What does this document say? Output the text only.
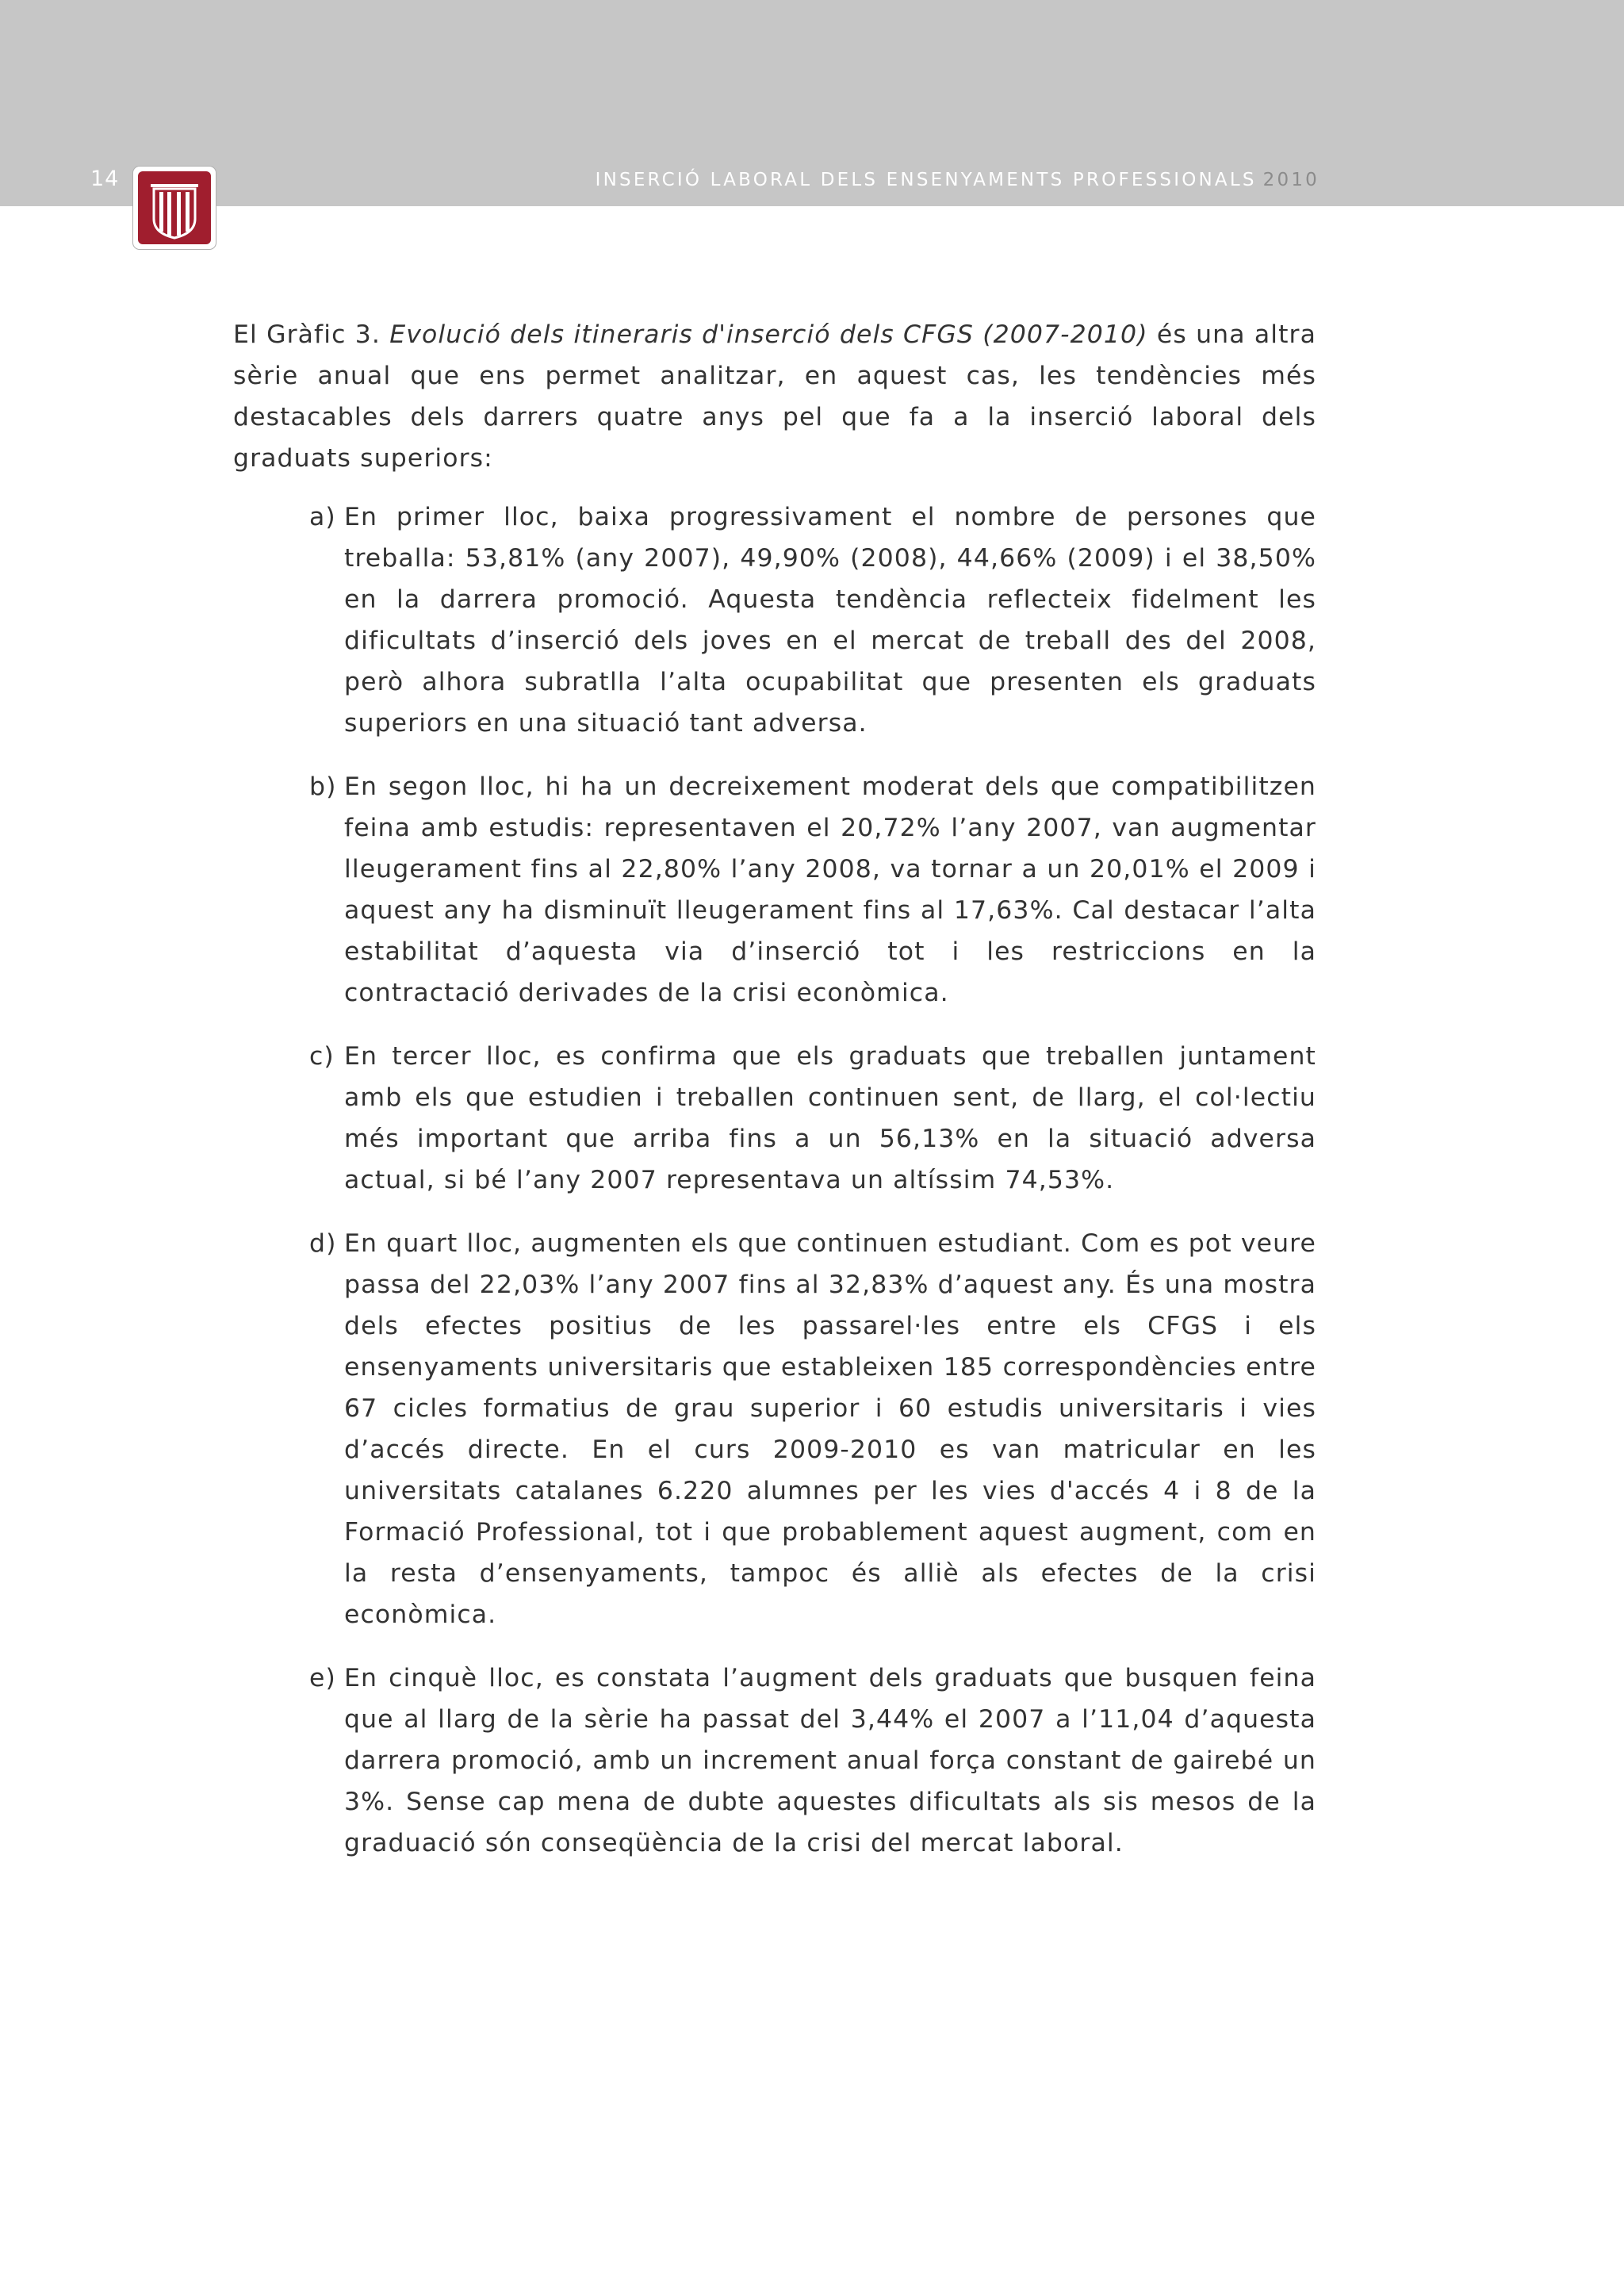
14	INSERCIÓ LABORAL DELS ENSENYAMENTS PROFESSIONALS 2010

El Gràfic 3. Evolució dels itineraris d'inserció dels CFGS (2007-2010) és una altra sèrie anual que ens permet analitzar, en aquest cas, les tendències més destacables dels darrers quatre anys pel que fa a la inserció laboral dels graduats superiors:

a) En primer lloc, baixa progressivament el nombre de persones que treballa: 53,81% (any 2007), 49,90% (2008), 44,66% (2009) i el 38,50% en la darrera promoció. Aquesta tendència reflecteix fidelment les dificultats d’inserció dels joves en el mercat de treball des del 2008, però alhora subratlla l’alta ocupabilitat que presenten els graduats superiors en una situació tant adversa.
b) En segon lloc, hi ha un decreixement moderat dels que compatibilitzen feina amb estudis: representaven el 20,72% l’any 2007, van augmentar lleugerament fins al 22,80% l’any 2008, va tornar a un 20,01% el 2009 i aquest any ha disminuït lleugerament fins al 17,63%. Cal destacar l’alta estabilitat d’aquesta via d’inserció tot i les restriccions en la contractació derivades de la crisi econòmica.
c) En tercer lloc, es confirma que els graduats que treballen juntament amb els que estudien i treballen continuen sent, de llarg, el col·lectiu més important que arriba fins a un 56,13% en la situació adversa actual, si bé l’any 2007 representava un altíssim 74,53%.
d) En quart lloc, augmenten els que continuen estudiant. Com es pot veure passa del 22,03% l’any 2007 fins al 32,83% d’aquest any. És una mostra dels efectes positius de les passarel·les entre els CFGS i els ensenyaments universitaris que estableixen 185 correspondències entre 67 cicles formatius de grau superior i 60 estudis universitaris i vies d’accés directe. En el curs 2009-2010 es van matricular en les universitats catalanes 6.220 alumnes per les vies d'accés 4 i 8 de la Formació Professional, tot i que probablement aquest augment, com en la resta d’ensenyaments, tampoc és alliè als efectes de la crisi econòmica.
e) En cinquè lloc, es constata l’augment dels graduats que busquen feina que al llarg de la sèrie ha passat del 3,44% el 2007 a l’11,04 d’aquesta darrera promoció, amb un increment anual força constant de gairebé un 3%. Sense cap mena de dubte aquestes dificultats als sis mesos de la graduació són conseqüència de la crisi del mercat laboral.
